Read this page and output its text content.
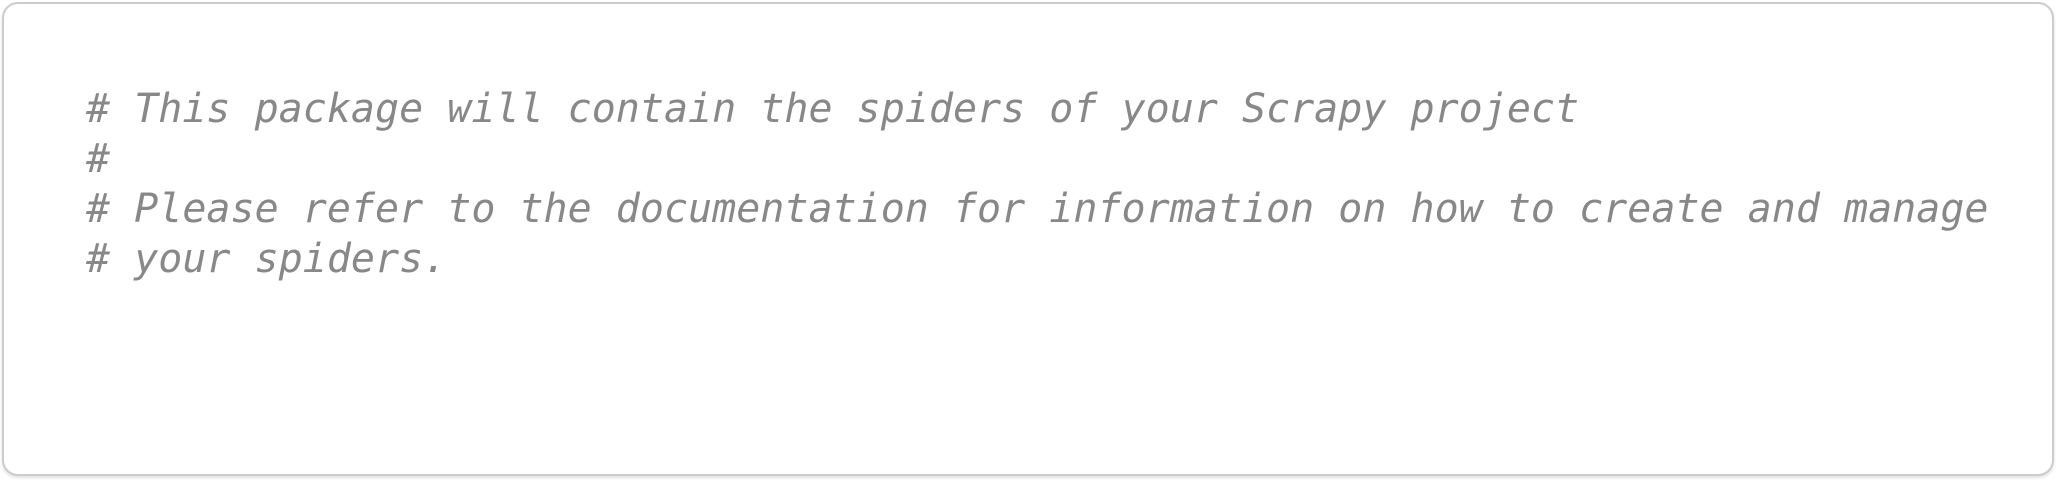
# This package will contain the spiders of your Scrapy project
#
# Please refer to the documentation for information on how to create and manage
# your spiders.
